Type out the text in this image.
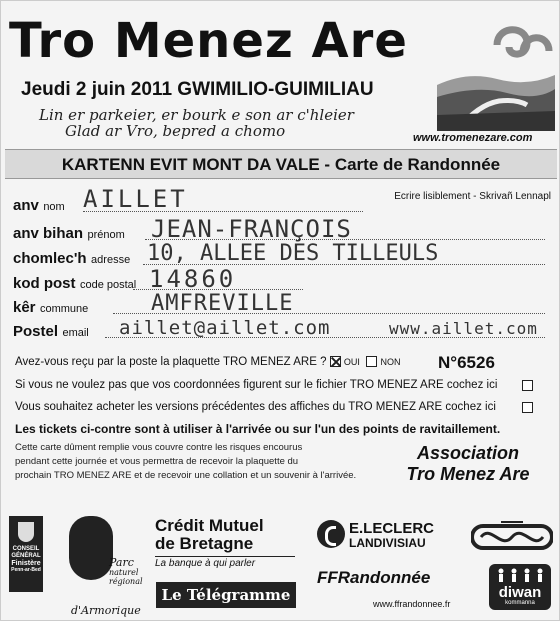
Tro Menez Are
Jeudi 2 juin 2011 GWIMILIO-GUIMILIAU
Lin er parkeier, er bourk e son ar c'hleier
Glad ar Vro, bepred a chomo	www.tromenezare.com
KARTENN EVIT MONT DA VALE - Carte de Randonnée
Ecrire lisiblement - Skrivañ Lennapl
anv nom AILLET
anv bihan prénom JEAN-FRANÇOIS
chomlec'h adresse 10, ALLEE DES TILLEULS
kod post code postal 14860
kêr commune	AMFREVILLE
Postel email aillet@aillet.com	www.aillet.com
Avez-vous reçu par la poste la plaquette TRO MENEZ ARE ? OUI NON N°6526
Si vous ne voulez pas que vos coordonnées figurent sur le fichier TRO MENEZ ARE cochez ici
Vous souhaitez acheter les versions précédentes des affiches du TRO MENEZ ARE cochez ici
Les tickets ci-contre sont à utiliser à l'arrivée ou sur l'un des points de ravitaillement.
Cette carte dûment remplie vous couvre contre les risques encourus
pendant cette journée et vous permettra de recevoir la plaquette du
prochain TRO MENEZ ARE et de recevoir une collation et un souvenir à l'arrivée.
Association
Tro Menez Are
CONSEIL
GÉNÉRAL
Finistère
Penn-ar-Bed
Parc
naturel
régional
d'Armorique
Crédit Mutuel
de Bretagne
La banque à qui parler
Le Télégramme
E.LECLERC
LANDIVISIAU
FFRandonnée
www.ffrandonnee.fr
diwan
kommanna
